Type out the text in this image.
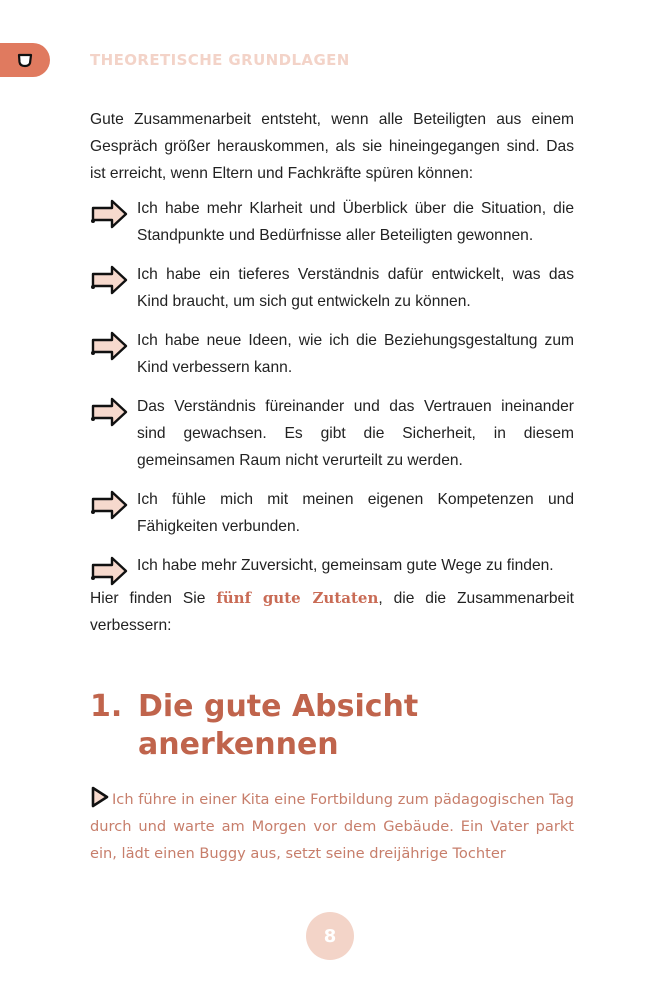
THEORETISCHE GRUNDLAGEN

Gute Zusammenarbeit entsteht, wenn alle Beteiligten aus einem Gespräch größer herauskommen, als sie hineingegangen sind. Das ist erreicht, wenn Eltern und Fachkräfte spüren können:

Ich habe mehr Klarheit und Überblick über die Situation, die Standpunkte und Bedürfnisse aller Beteiligten gewonnen.
Ich habe ein tieferes Verständnis dafür entwickelt, was das Kind braucht, um sich gut entwickeln zu können.
Ich habe neue Ideen, wie ich die Beziehungsgestaltung zum Kind verbessern kann.
Das Verständnis füreinander und das Vertrauen ineinander sind gewachsen. Es gibt die Sicherheit, in diesem gemeinsamen Raum nicht verurteilt zu werden.
Ich fühle mich mit meinen eigenen Kompetenzen und Fähigkeiten verbunden.
Ich habe mehr Zuversicht, gemeinsam gute Wege zu finden.

Hier finden Sie fünf gute Zutaten, die die Zusammenarbeit verbessern:

1. Die gute Absicht
anerkennen
Ich führe in einer Kita eine Fortbildung zum pädagogischen Tag durch und warte am Morgen vor dem Gebäude. Ein Vater parkt ein, lädt einen Buggy aus, setzt seine dreijährige Tochter
8
